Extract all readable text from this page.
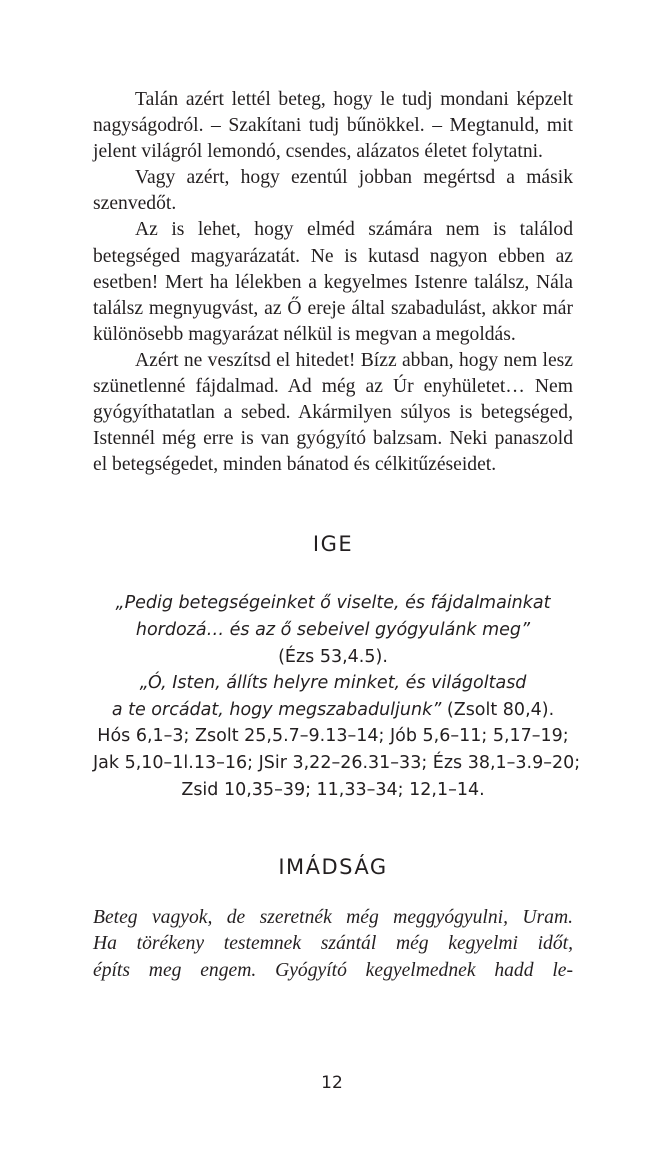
Talán azért lettél beteg, hogy le tudj mondani képzelt nagyságodról. – Szakítani tudj bűnökkel. – Megtanuld, mit jelent világról lemondó, csendes, alázatos életet folytatni.

Vagy azért, hogy ezentúl jobban megértsd a másik szenvedőt.

Az is lehet, hogy elméd számára nem is találod betegséged magyarázatát. Ne is kutasd nagyon ebben az esetben! Mert ha lélekben a kegyelmes Istenre találsz, Nála találsz megnyugvást, az Ő ereje által szabadulást, akkor már különösebb magyarázat nélkül is megvan a megoldás.

Azért ne veszítsd el hitedet! Bízz abban, hogy nem lesz szünetlenné fájdalmad. Ad még az Úr enyhületet… Nem gyógyíthatatlan a sebed. Akármilyen súlyos is betegséged, Istennél még erre is van gyógyító balzsam. Neki panaszold el betegségedet, minden bánatod és célkitűzéseidet.

IGE
„Pedig betegségeinket ő viselte, és fájdalmainkat
hordozá… és az ő sebeivel gyógyulánk meg”
(Ézs 53,4.5).
„Ó, Isten, állíts helyre minket, és világoltasd
a te orcádat, hogy megszabaduljunk” (Zsolt 80,4).
Hós 6,1–3; Zsolt 25,5.7–9.13–14; Jób 5,6–11; 5,17–19;
Jak 5,10–1l.13–16; JSir 3,22–26.31–33; Ézs 38,1–3.9–20;
Zsid 10,35–39; 11,33–34; 12,1–14.
IMÁDSÁG
Beteg vagyok, de szeretnék még meggyógyulni, Uram.
Ha törékeny testemnek szántál még kegyelmi időt,
építs meg engem. Gyógyító kegyelmednek hadd le-
12
